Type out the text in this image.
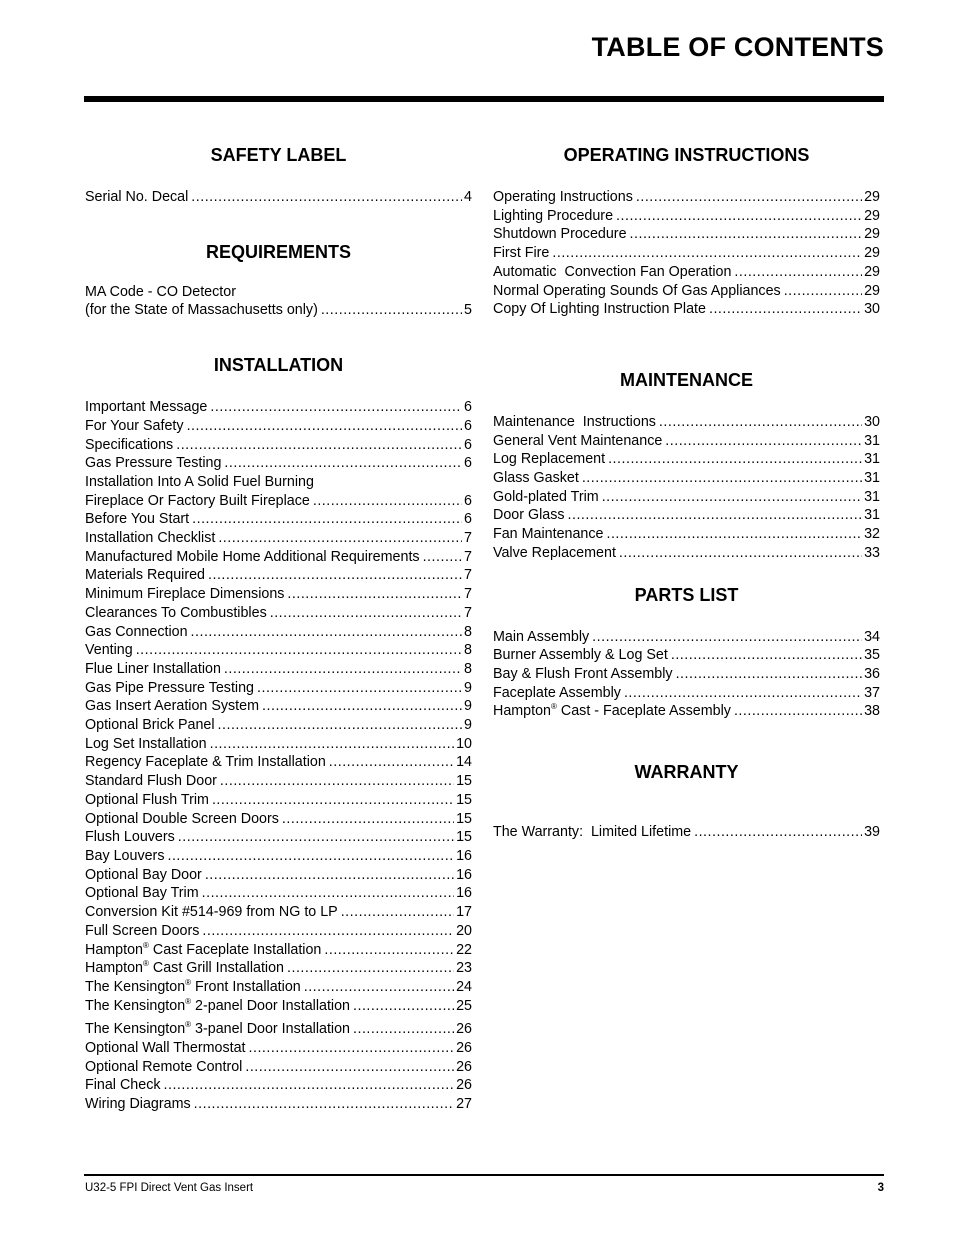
TABLE OF CONTENTS
SAFETY LABEL
Serial No. Decal .....	4
REQUIREMENTS
MA Code - CO Detector
(for the State of Massachusetts only) .....	5
INSTALLATION
Important Message .....	6
For Your Safety .....	6
Specifications .....	6
Gas Pressure Testing .....	6
Installation Into A Solid Fuel Burning
Fireplace Or Factory Built Fireplace .....	6
Before You Start .....	6
Installation Checklist .....	7
Manufactured Mobile Home Additional Requirements .....	7
Materials Required .....	7
Minimum Fireplace Dimensions .....	7
Clearances To Combustibles .....	7
Gas Connection .....	8
Venting .....	8
Flue Liner Installation .....	8
Gas Pipe Pressure Testing .....	9
Gas Insert Aeration System .....	9
Optional Brick Panel .....	9
Log Set Installation .....	10
Regency Faceplate & Trim Installation .....	14
Standard Flush Door .....	15
Optional Flush Trim .....	15
Optional Double Screen Doors .....	15
Flush Louvers .....	15
Bay Louvers .....	16
Optional Bay Door .....	16
Optional Bay Trim .....	16
Conversion Kit #514-969 from NG to LP .....	17
Full Screen Doors .....	20
Hampton® Cast Faceplate Installation .....	22
Hampton® Cast Grill Installation .....	23
The Kensington® Front Installation .....	24
The Kensington® 2-panel Door Installation .....	25
The Kensington® 3-panel Door Installation .....	26
Optional Wall Thermostat .....	26
Optional Remote Control .....	26
Final Check .....	26
Wiring Diagrams .....	27
OPERATING INSTRUCTIONS
Operating Instructions .....	29
Lighting Procedure .....	29
Shutdown Procedure .....	29
First Fire .....	29
Automatic  Convection Fan Operation .....	29
Normal Operating Sounds Of Gas Appliances .....	29
Copy Of Lighting Instruction Plate .....	30
MAINTENANCE
Maintenance  Instructions .....	30
General Vent Maintenance .....	31
Log Replacement .....	31
Glass Gasket .....	31
Gold-plated Trim .....	31
Door Glass .....	31
Fan Maintenance .....	32
Valve Replacement .....	33
PARTS LIST
Main Assembly .....	34
Burner Assembly & Log Set .....	35
Bay & Flush Front Assembly .....	36
Faceplate Assembly .....	37
Hampton® Cast - Faceplate Assembly .....	38
WARRANTY
The Warranty:  Limited Lifetime .....	39
U32-5 FPI Direct Vent Gas Insert	3
